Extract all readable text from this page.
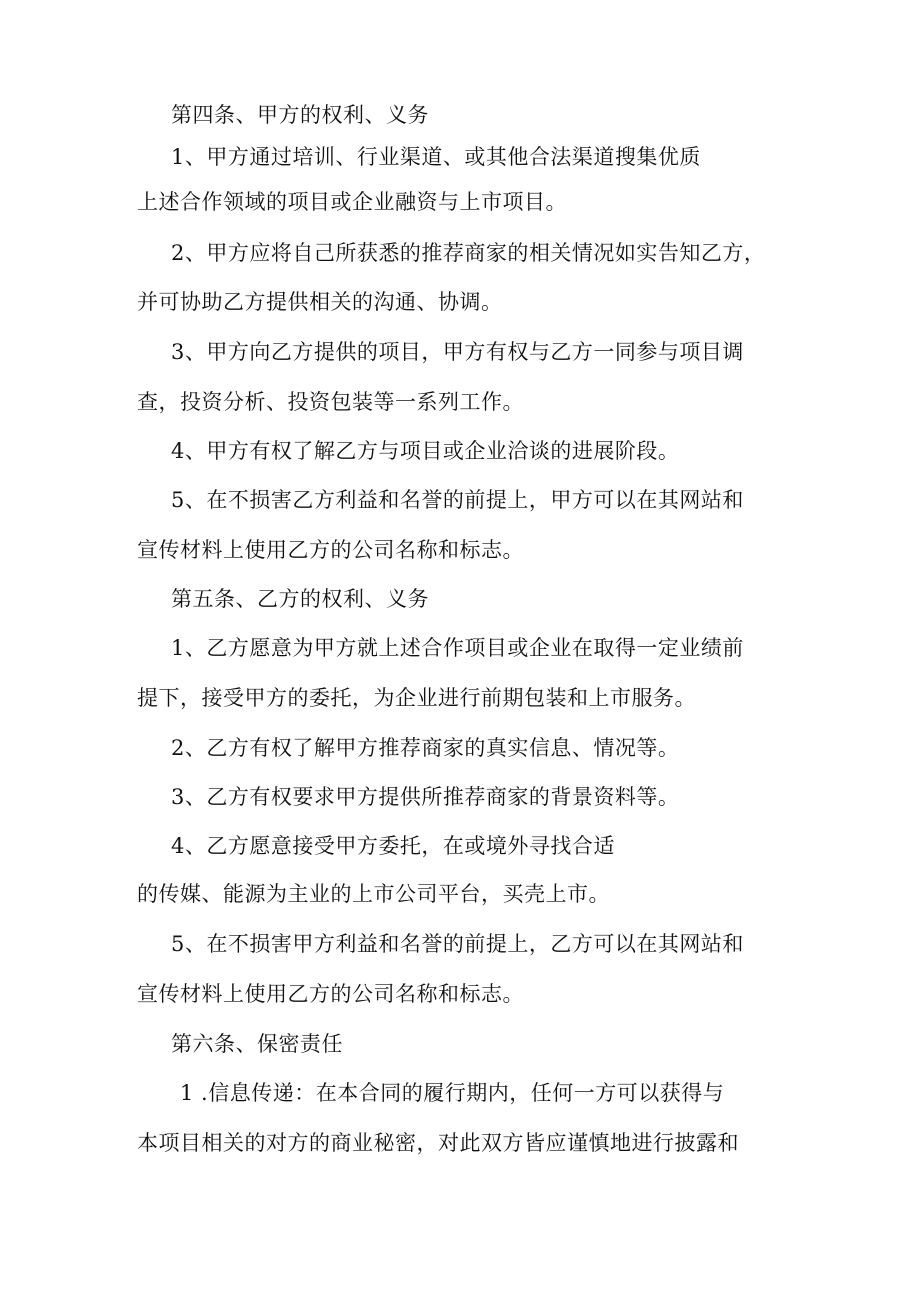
第四条、甲方的权利、义务
1、甲方通过培训、行业渠道、或其他合法渠道搜集优质
上述合作领域的项目或企业融资与上市项目。
2、甲方应将自己所获悉的推荐商家的相关情况如实告知乙方，
并可协助乙方提供相关的沟通、协调。
3、甲方向乙方提供的项目，甲方有权与乙方一同参与项目调
查，投资分析、投资包装等一系列工作。
4、甲方有权了解乙方与项目或企业洽谈的进展阶段。
5、在不损害乙方利益和名誉的前提上，甲方可以在其网站和
宣传材料上使用乙方的公司名称和标志。
第五条、乙方的权利、义务
1、乙方愿意为甲方就上述合作项目或企业在取得一定业绩前
提下，接受甲方的委托，为企业进行前期包装和上市服务。
2、乙方有权了解甲方推荐商家的真实信息、情况等。
3、乙方有权要求甲方提供所推荐商家的背景资料等。
4、乙方愿意接受甲方委托，在或境外寻找合适
的传媒、能源为主业的上市公司平台，买壳上市。
5、在不损害甲方利益和名誉的前提上，乙方可以在其网站和
宣传材料上使用乙方的公司名称和标志。
第六条、保密责任
1 .信息传递：在本合同的履行期内，任何一方可以获得与
本项目相关的对方的商业秘密，对此双方皆应谨慎地进行披露和
